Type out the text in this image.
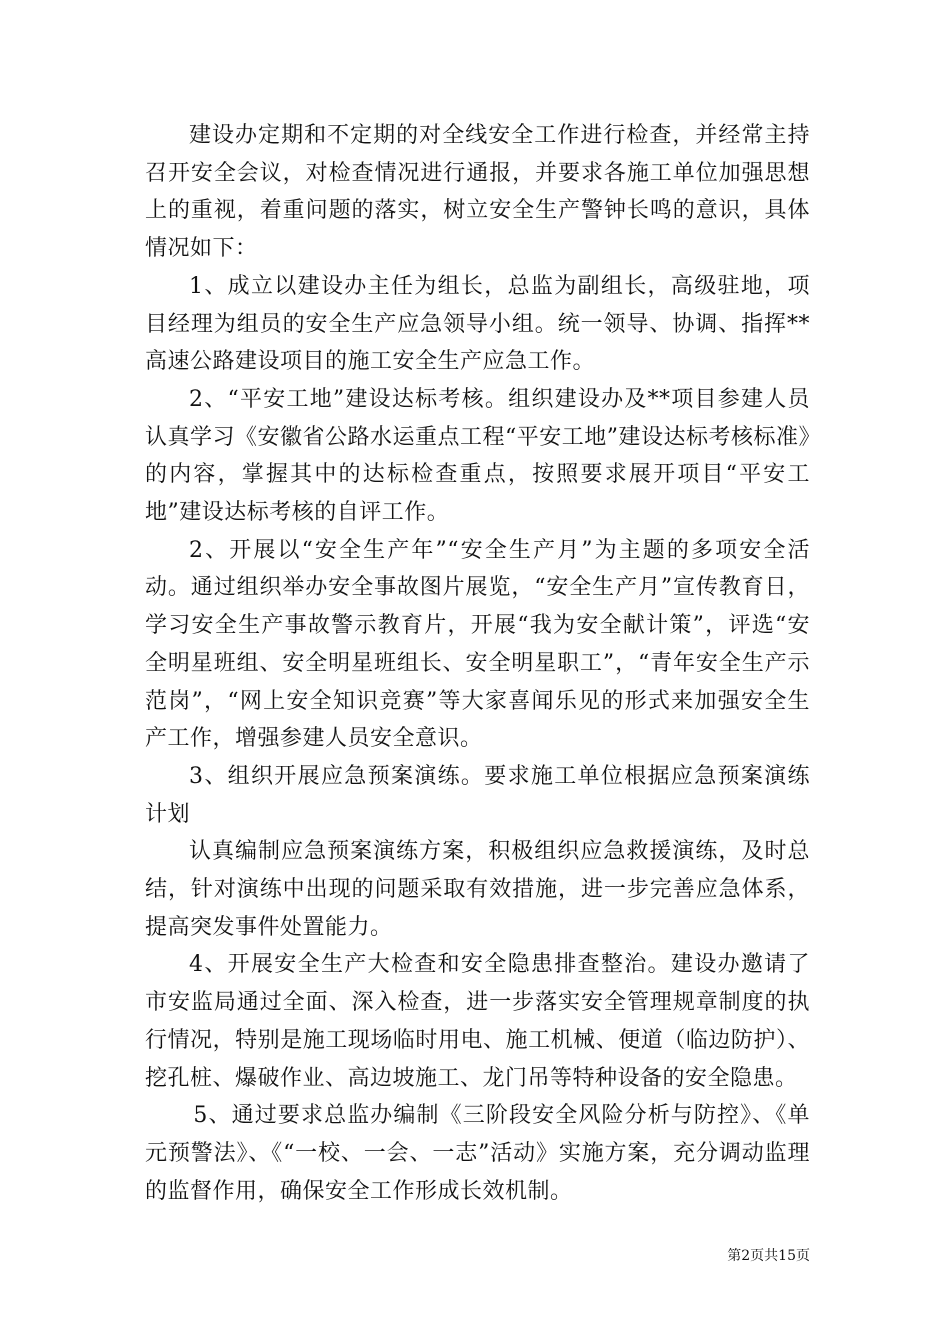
建设办定期和不定期的对全线安全工作进行检查，并经常主持召开安全会议，对检查情况进行通报，并要求各施工单位加强思想上的重视，着重问题的落实，树立安全生产警钟长鸣的意识，具体情况如下：

1、成立以建设办主任为组长，总监为副组长，高级驻地，项目经理为组员的安全生产应急领导小组。统一领导、协调、指挥**高速公路建设项目的施工安全生产应急工作。

2、“平安工地”建设达标考核。组织建设办及**项目参建人员认真学习《安徽省公路水运重点工程“平安工地”建设达标考核标准》的内容，掌握其中的达标检查重点，按照要求展开项目“平安工地”建设达标考核的自评工作。

2、开展以“安全生产年”“安全生产月”为主题的多项安全活动。通过组织举办安全事故图片展览，“安全生产月”宣传教育日，学习安全生产事故警示教育片，开展“我为安全献计策”，评选“安全明星班组、安全明星班组长、安全明星职工”，“青年安全生产示范岗”，“网上安全知识竞赛”等大家喜闻乐见的形式来加强安全生产工作，增强参建人员安全意识。

3、组织开展应急预案演练。要求施工单位根据应急预案演练计划

认真编制应急预案演练方案，积极组织应急救援演练，及时总结，针对演练中出现的问题采取有效措施，进一步完善应急体系，提高突发事件处置能力。

4、开展安全生产大检查和安全隐患排查整治。建设办邀请了市安监局通过全面、深入检查，进一步落实安全管理规章制度的执行情况，特别是施工现场临时用电、施工机械、便道（临边防护）、挖孔桩、爆破作业、高边坡施工、龙门吊等特种设备的安全隐患。

5、通过要求总监办编制《三阶段安全风险分析与防控》、《单元预警法》、《“一校、一会、一志”活动》实施方案，充分调动监理的监督作用，确保安全工作形成长效机制。

第2页共15页
